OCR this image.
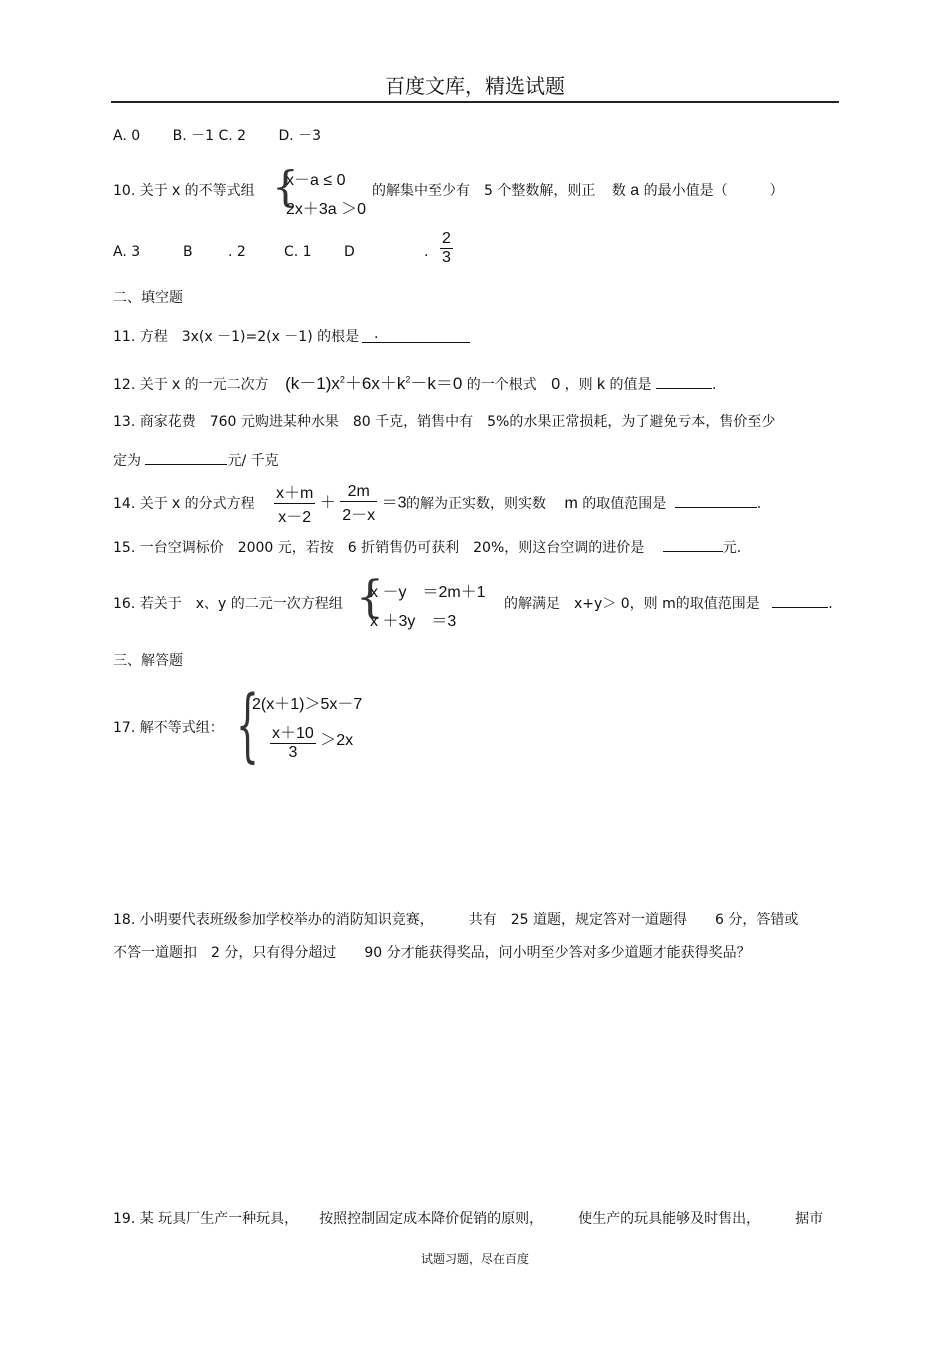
百度文库，精选试题
A. 0　　 B. －1 C. 2　　 D. －3
10. 关于 x 的不等式组 {
x－a ≤ 0
2x＋3a ＞0
的解集中至少有　5 个整数解，则正 数 a 的最小值是（　　　）
A. 3	B	. 2	C. 1 D	. $\frac{2}{3}$
二、填空题
11. 方程　3x(x －1)=2(x －1) 的根是	.
12. 关于 x 的一元二次方 $(k-1)x^2+6x+k^2-k=0$ 的一个根式 0 ，则 k 的值是	.
13. 商家花费　760 元购进某种水果　80 千克，销售中有　5%的水果正常损耗，为了避免亏本，售价至少
定为	元/ 千克
14. 关于 x 的分式方程 $\frac{x+m}{x-2} + \frac{2m}{2-x} =3$ 的解为正实数，则实数 m 的取值范围是	.
15. 一台空调标价　2000 元，若按　6 折销售仍可获利　20%，则这台空调的进价是	元.
16. 若关于　x、y 的二元一次方程组 {
x －y　＝2m＋1
x ＋3y　＝3
的解满足　x+y＞ 0，则 m的取值范围是	.
三、解答题
17. 解不等式组： {
2(x＋1)＞5x－7
$\frac{x+10}{3} >2x$
18. 小明要代表班级参加学校举办的消防知识竞赛，　　　共有　25 道题，规定答对一道题得　　6 分，答错或
不答一道题扣　2 分，只有得分超过　　90 分才能获得奖品，问小明至少答对多少道题才能获得奖品？
19. 某 玩具厂生产一种玩具，　　按照控制固定成本降价促销的原则，　　　使生产的玩具能够及时售出，　　　据市
试题习题，尽在百度
